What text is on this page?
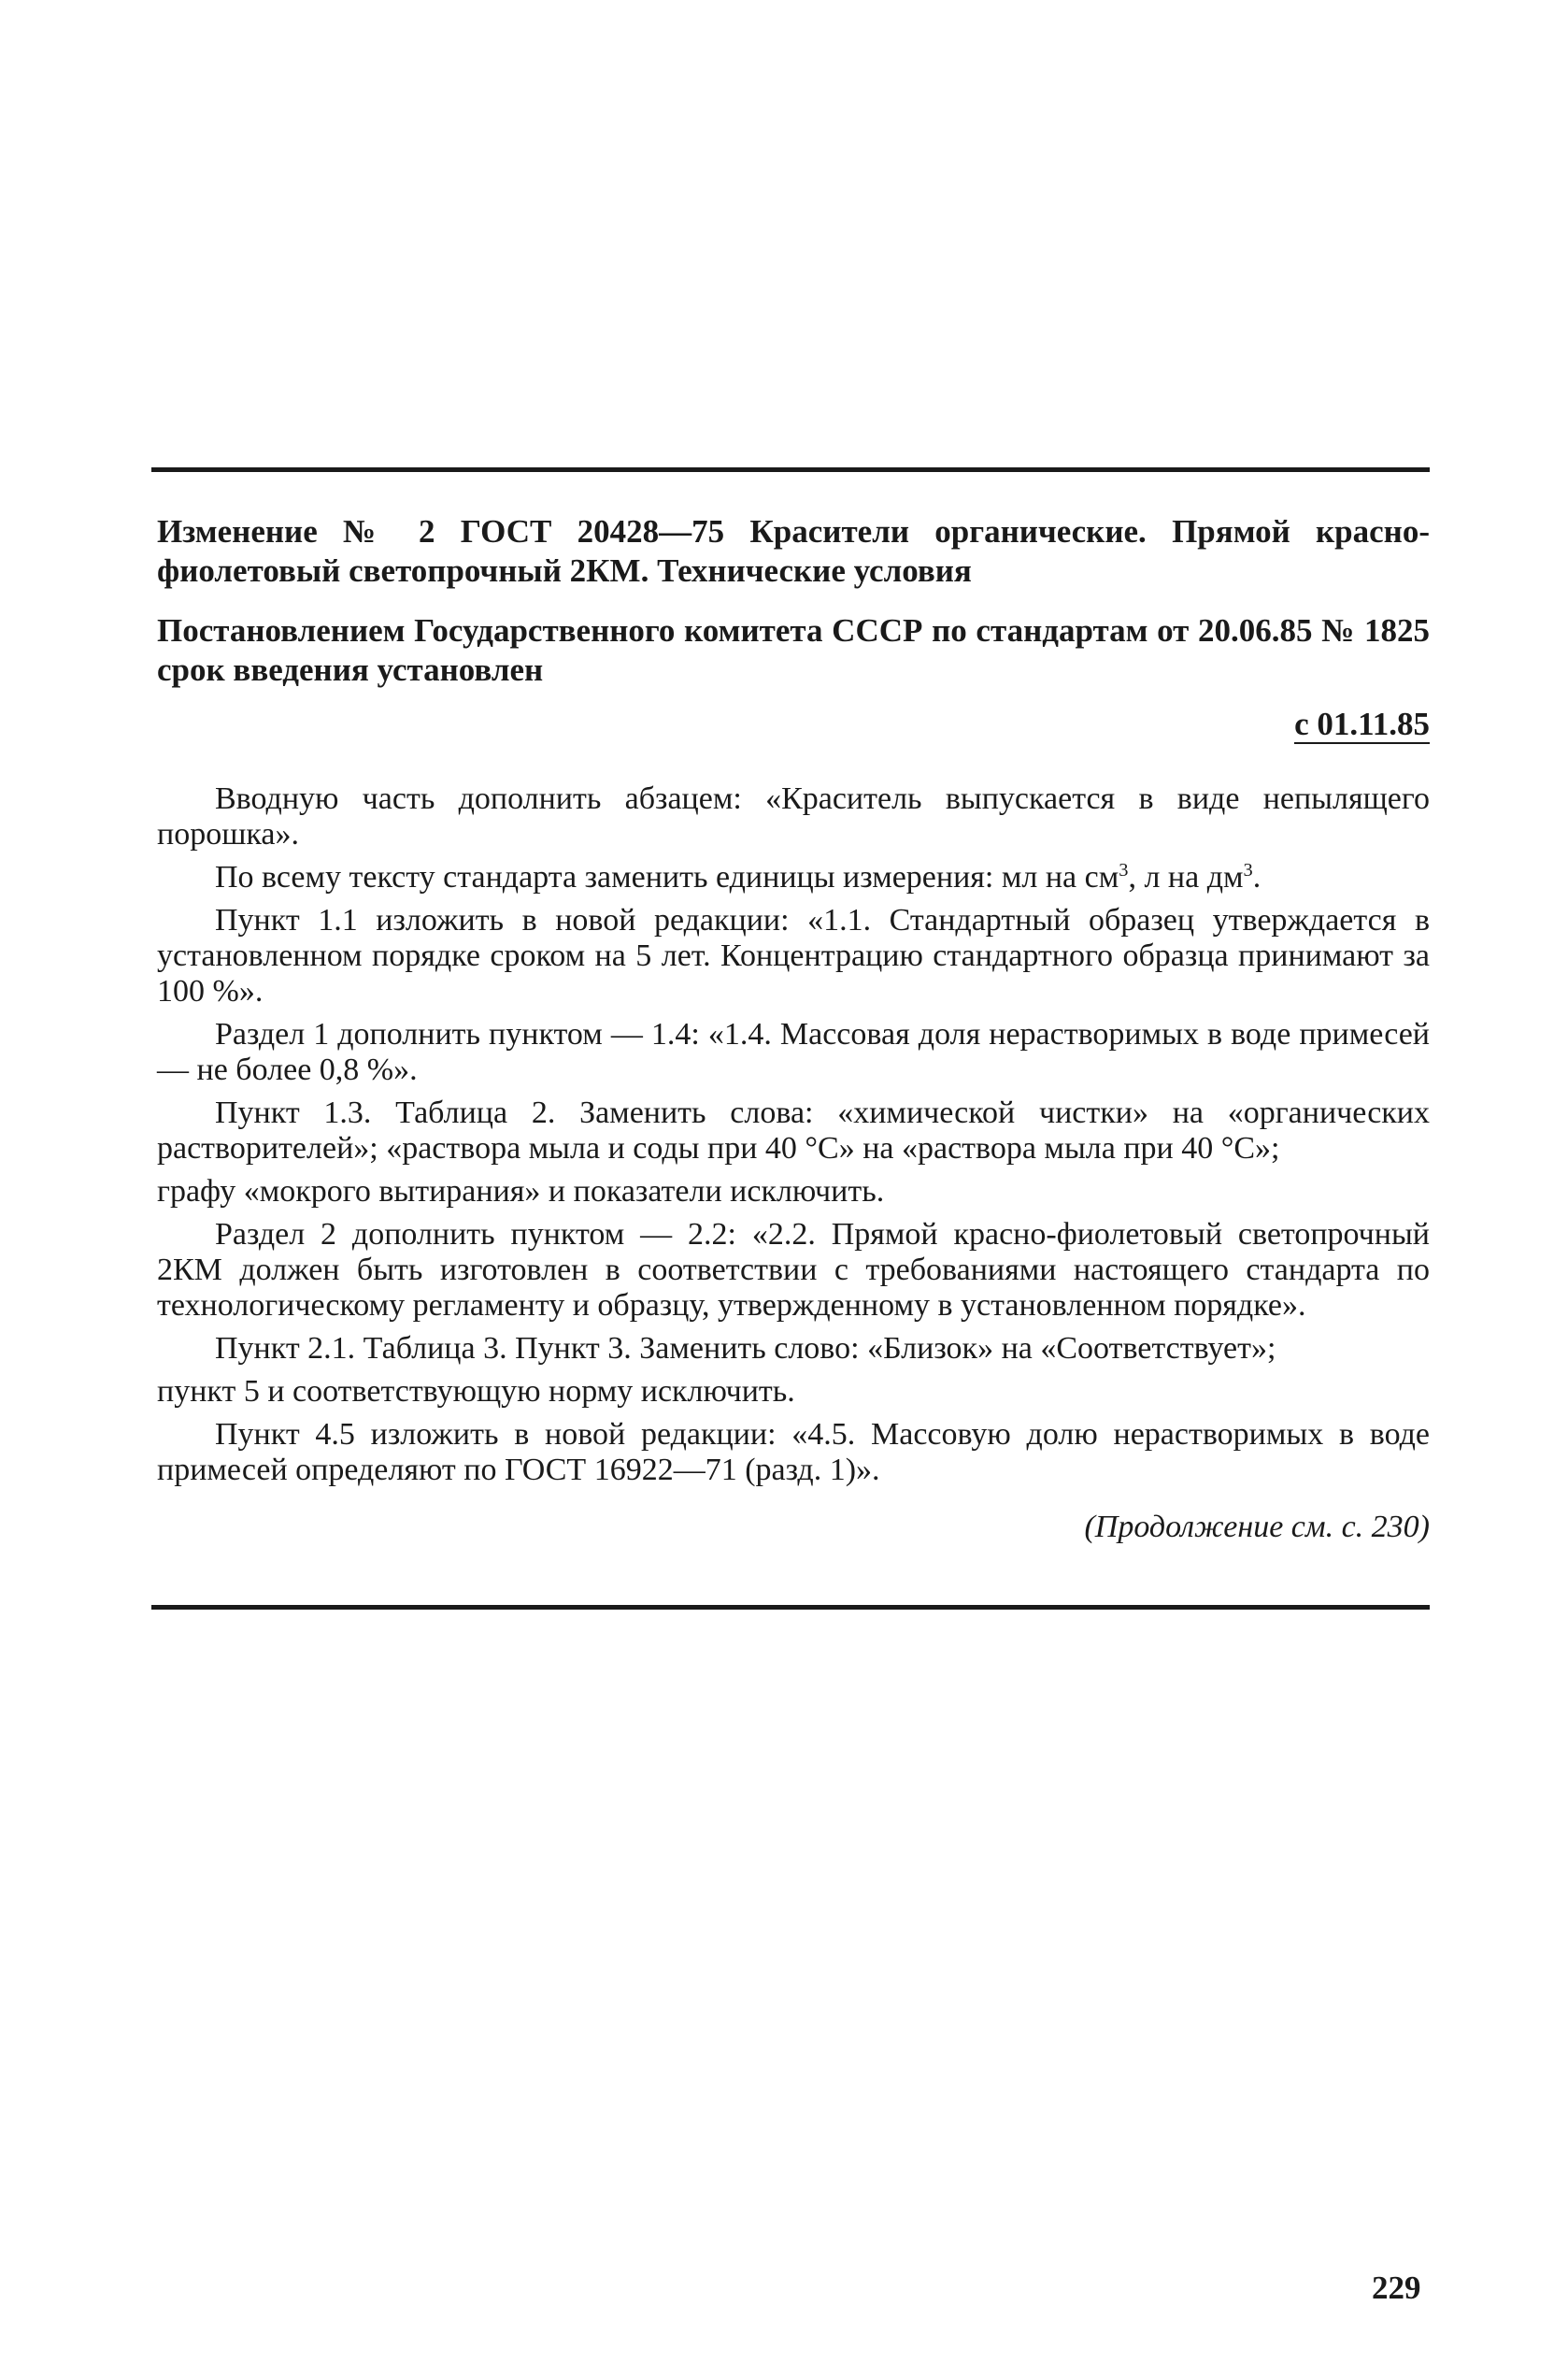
Изменение № 2 ГОСТ 20428—75 Красители органические. Прямой красно-фиолетовый светопрочный 2КМ. Технические условия

Постановлением Государственного комитета СССР по стандартам от 20.06.85 № 1825 срок введения установлен

с 01.11.85

Вводную часть дополнить абзацем: «Краситель выпускается в виде непылящего порошка».

По всему тексту стандарта заменить единицы измерения: мл на $см^3$, л на $дм^3$.

Пункт 1.1 изложить в новой редакции: «1.1. Стандартный образец утверждается в установленном порядке сроком на 5 лет. Концентрацию стандартного образца принимают за 100 %».

Раздел 1 дополнить пунктом — 1.4: «1.4. Массовая доля нерастворимых в воде примесей — не более 0,8 %».

Пункт 1.3. Таблица 2. Заменить слова: «химической чистки» на «органических растворителей»; «раствора мыла и соды при 40 °С» на «раствора мыла при 40 °С»;

графу «мокрого вытирания» и показатели исключить.

Раздел 2 дополнить пунктом — 2.2: «2.2. Прямой красно-фиолетовый светопрочный 2КМ должен быть изготовлен в соответствии с требованиями настоящего стандарта по технологическому регламенту и образцу, утвержденному в установленном порядке».

Пункт 2.1. Таблица 3. Пункт 3. Заменить слово: «Близок» на «Соответствует»;

пункт 5 и соответствующую норму исключить.

Пункт 4.5 изложить в новой редакции: «4.5. Массовую долю нерастворимых в воде примесей определяют по ГОСТ 16922—71 (разд. 1)».

(Продолжение см. с. 230)
229
